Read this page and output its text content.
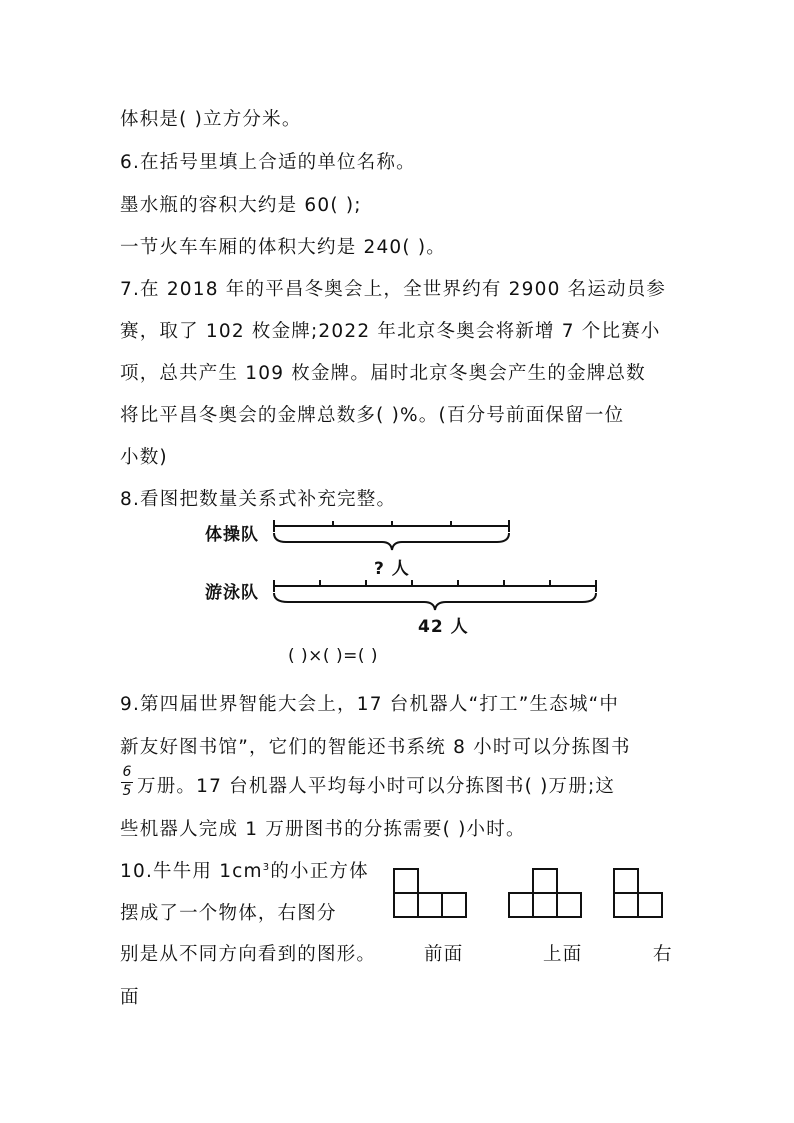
体积是( )立方分米。
6.在括号里填上合适的单位名称。
墨水瓶的容积大约是 60( );
一节火车车厢的体积大约是 240( )。
7.在 2018 年的平昌冬奥会上，全世界约有 2900 名运动员参
赛，取了 102 枚金牌;2022 年北京冬奥会将新增 7 个比赛小
项，总共产生 109 枚金牌。届时北京冬奥会产生的金牌总数
将比平昌冬奥会的金牌总数多( )%。(百分号前面保留一位
小数)
8.看图把数量关系式补充完整。
体操队
游泳队
? 人
42 人
( )×( )=( )
9.第四届世界智能大会上，17 台机器人“打工”生态城“中
新友好图书馆”，它们的智能还书系统 8 小时可以分拣图书
6
5 万册。17 台机器人平均每小时可以分拣图书( )万册;这
些机器人完成 1 万册图书的分拣需要( )小时。
10.牛牛用 $1cm^3$的小正方体
摆成了一个物体，右图分
别是从不同方向看到的图形。	前面	上面	右
面
